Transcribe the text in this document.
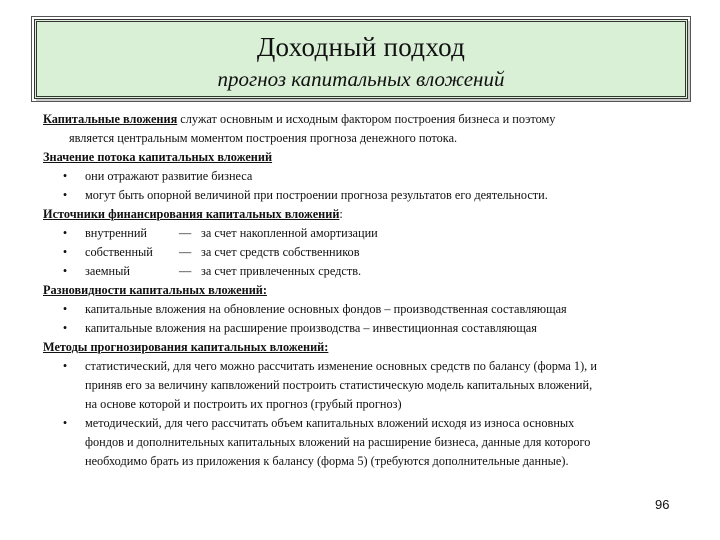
Доходный подход
прогноз капитальных вложений
Капитальные вложения служат основным и исходным фактором построения бизнеса и поэтому
является центральным моментом построения прогноза денежного потока.
Значение потока капитальных вложений
• они отражают развитие бизнеса
• могут быть опорной величиной при построении прогноза результатов его деятельности.
Источники финансирования капитальных вложений:
• внутренний	— за счет накопленной амортизации
• собственный — за счет средств собственников
• заемный	— за счет привлеченных средств.
Разновидности капитальных вложений:
• капитальные вложения на обновление основных фондов – производственная составляющая
• капитальные вложения на расширение производства – инвестиционная составляющая
Методы прогнозирования капитальных вложений:
• статистический, для чего можно рассчитать изменение основных средств по балансу (форма 1), и
приняв его за величину капвложений построить статистическую модель капитальных вложений,
на основе которой и построить их прогноз (грубый прогноз)
• методический, для чего рассчитать объем капитальных вложений исходя из износа основных
фондов и дополнительных капитальных вложений на расширение бизнеса, данные для которого
необходимо брать из приложения к балансу (форма 5) (требуются дополнительные данные).
96
